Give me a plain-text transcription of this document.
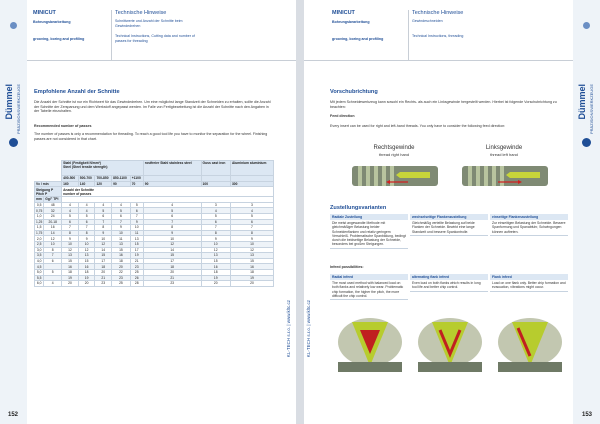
Dümmel PRÄZISIONSWERKZEUGE
152
MINICUT
Bohrungsbearbeitung
grooving, boring and profiling
Technische Hinweise
Schnittwerte und Anzahl der Schnitte beim Gewindedrehen
Technical Instructions, Cutting data and number of passes for threading
Empfohlene Anzahl der Schnitte
Die Anzahl der Schnitte ist nur ein Richtwert für das Gewindedrehen. Um eine möglichst lange Standzeit der Schneiden zu erhalten, sollte die Anzahl der Schnitte der Zerspanung und dem Werkstoff angepasst werden. Im Falle von Fertigbearbeitung ist die Anzahl der Schnitte nach den Angaben in der Tabelle einzuhalten.
Recommended number of passes
The number of passes is only a recommendation for threading. To reach a good tool life you have to monitor the separation for the wheel. Finishing passes are not considered in that chart.
		Stahl (Festigkeit N/mm²)
Steel (Steel tensile strength)					rostfreier Stahl stainless steel	Guss cast iron	Aluminium aluminium
		400-500	500-700	700-850	850-1100	+1100			
Vc / min		160	140	120	90	70	90	100	300
Steigung P
Pitch P		Anzahl der Schnitte
number of passes							
mm	Gg/" TPI								
0,5	48	4	4	4	4	5	4	3	3
0,75	32	4	4	5	5	6	5	4	4
1,0	24	5	5	6	6	7	6	5	5
1,25	20-18	6	6	7	7	9	7	6	6
1,5	16	7	7	8	9	10	8	7	7
1,75	14	8	8	9	10	11	9	8	8
2,0	12	9	9	10	11	13	10	9	9
2,5	10	10	10	12	13	15	12	10	10
3,0	8	12	12	14	15	17	14	12	12
3,5	7	13	13	15	16	19	15	13	13
4,0	6	15	15	17	18	21	17	15	15
4,5		16	16	18	20	23	18	16	16
5,0	5	18	18	20	22	25	20	18	18
5,5		19	19	21	23	26	21	19	19
6,0	4	20	20	23	25	28	23	20	20
KL-TECH s.r.o. | www.kltc.cz
Dümmel PRÄZISIONSWERKZEUGE
153
MINICUT
Bohrungsbearbeitung
grooving, boring and profiling
Technische Hinweise
Gewindeschneiden
Technical Instructions, threading
Vorschubrichtung
Mit jedem Schneidewerkzeug kann sowohl ein Rechts- als auch ein Linksgewinde hergestellt werden. Hierbei ist folgende Vorschubrichtung zu beachten:
Feed direction
Every insert can be used for right and left-hand threads. You only have to consider the following feed direction:
Rechtsgewinde
thread right hand
Linksgewinde
thread left hand
Zustellungsvarianten
Radiale Zustellung
Die meist angewandte Methode mit gleichmäßiger Belastung beider Schneidenflanken und relativ geringem Verschleiß. Problematische Spanbildung, bedingt durch die beidseitige Belastung der Schneide, besonders bei großen Steigungen.
wechselseitige Flankenzustellung
Gleichmäßig verteilte Belastung auf beide Flanken der Schneide. Bewirkt eine lange Standzeit und bessere Spankontrolle.
einseitige Flankenzustellung
Zur einseitigen Belastung der Schneide. Bessere Spanformung und Spanabfuhr, Schwingungen können auftreten.
Infeed possibilities:
Radial infeed
The most used method with balanced load on both flanks and relatively low wear. Problematic chip formation, the higher the pitch, the more difficult the chip control.
alternating flank infeed
Even load on both flanks which results in long tool life and better chip control.
Flank infeed
Load on one flank only. Better chip formation and evacuation, vibrations might occur.
KL-TECH s.r.o. | www.kltc.cz
